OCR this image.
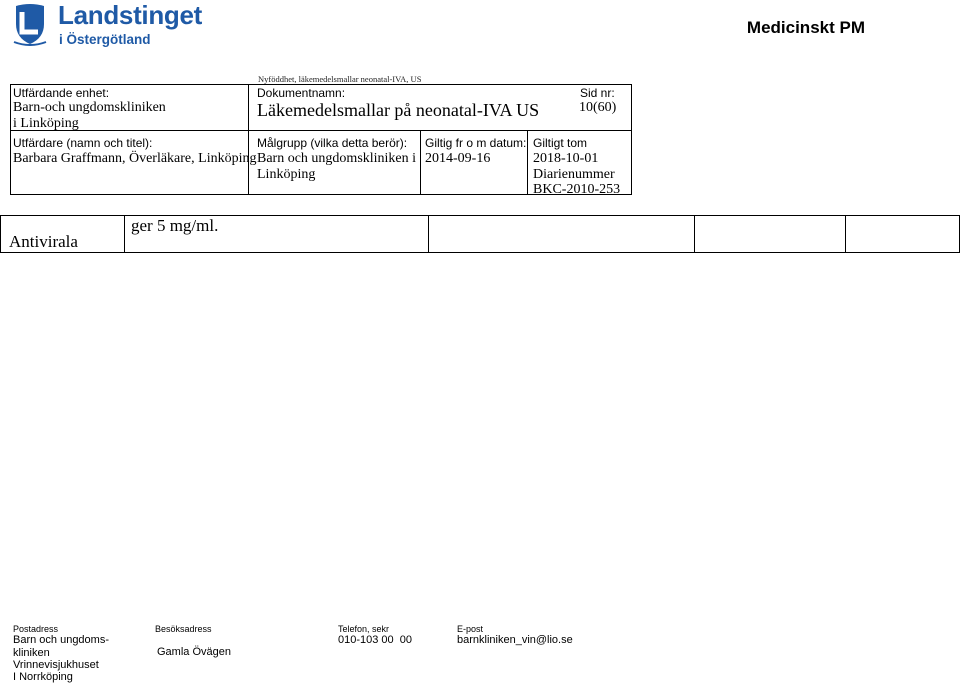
Landstinget
i Östergötland
Medicinskt PM
Nyföddhet, läkemedelsmallar neonatal-IVA, US
Utfärdande enhet:
Barn-och ungdomskliniken
i Linköping
Dokumentnamn:
Läkemedelsmallar på neonatal-IVA US
Sid nr:
10(60)
Utfärdare (namn och titel):
Barbara Graffmann, Överläkare, Linköping
Målgrupp (vilka detta berör):
Barn och ungdomskliniken i
Linköping
Giltig fr o m datum:
2014-09-16
Giltigt tom
2018-10-01
Diarienummer
BKC-2010-253
Antivirala
ger 5 mg/ml.
Postadress
Barn och ungdoms-
kliniken
Vrinnevisjukhuset
I Norrköping
Besöksadress
Gamla Övägen
Telefon, sekr
010-103 00  00
E-post
barnkliniken_vin@lio.se
